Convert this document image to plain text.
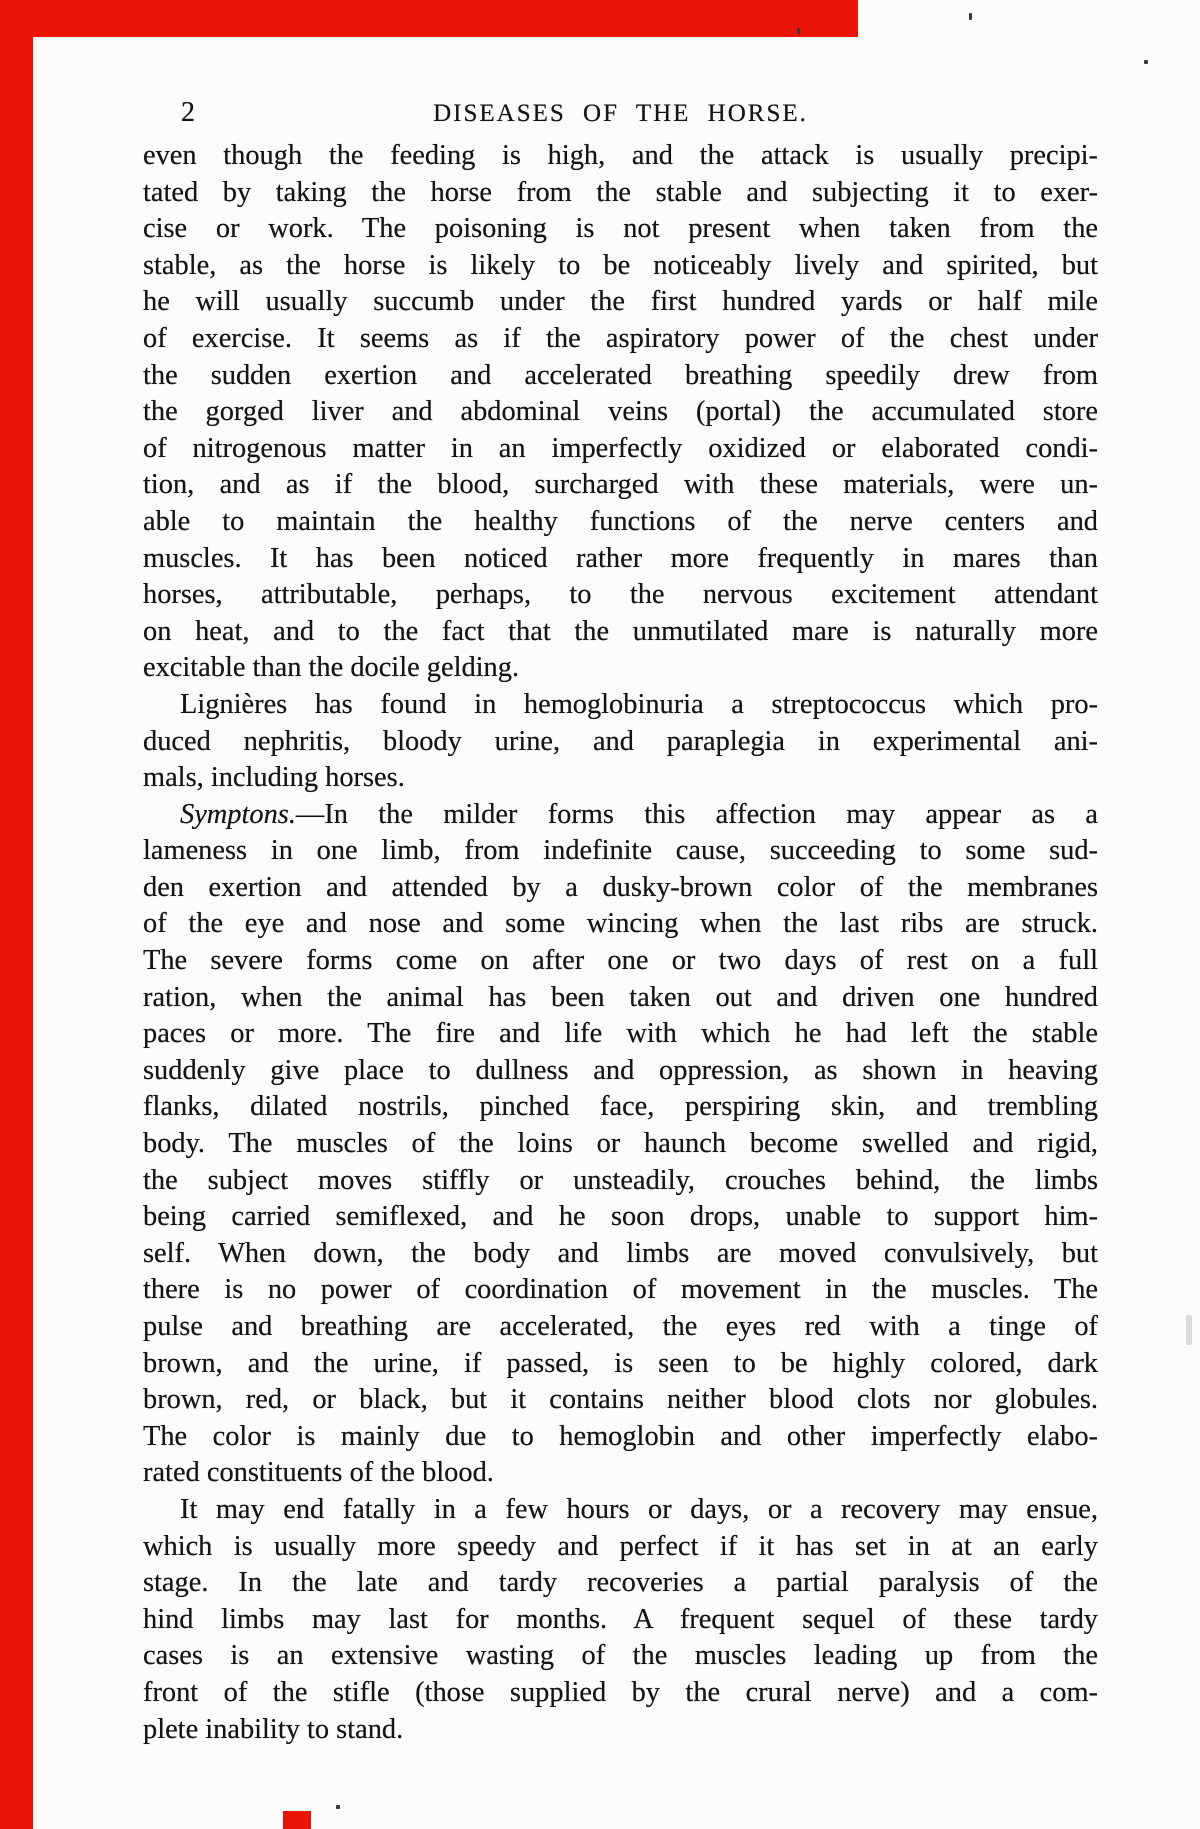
2	DISEASES OF THE HORSE.
even though the feeding is high, and the attack is usually precipi-
tated by taking the horse from the stable and subjecting it to exer-
cise or work. The poisoning is not present when taken from the
stable, as the horse is likely to be noticeably lively and spirited, but
he will usually succumb under the first hundred yards or half mile
of exercise. It seems as if the aspiratory power of the chest under
the sudden exertion and accelerated breathing speedily drew from
the gorged liver and abdominal veins (portal) the accumulated store
of nitrogenous matter in an imperfectly oxidized or elaborated condi-
tion, and as if the blood, surcharged with these materials, were un-
able to maintain the healthy functions of the nerve centers and
muscles. It has been noticed rather more frequently in mares than
horses, attributable, perhaps, to the nervous excitement attendant
on heat, and to the fact that the unmutilated mare is naturally more
excitable than the docile gelding.
Lignières has found in hemoglobinuria a streptococcus which pro-
duced nephritis, bloody urine, and paraplegia in experimental ani-
mals, including horses.
Symptons.—In the milder forms this affection may appear as a
lameness in one limb, from indefinite cause, succeeding to some sud-
den exertion and attended by a dusky-brown color of the membranes
of the eye and nose and some wincing when the last ribs are struck.
The severe forms come on after one or two days of rest on a full
ration, when the animal has been taken out and driven one hundred
paces or more. The fire and life with which he had left the stable
suddenly give place to dullness and oppression, as shown in heaving
flanks, dilated nostrils, pinched face, perspiring skin, and trembling
body. The muscles of the loins or haunch become swelled and rigid,
the subject moves stiffly or unsteadily, crouches behind, the limbs
being carried semiflexed, and he soon drops, unable to support him-
self. When down, the body and limbs are moved convulsively, but
there is no power of coordination of movement in the muscles. The
pulse and breathing are accelerated, the eyes red with a tinge of
brown, and the urine, if passed, is seen to be highly colored, dark
brown, red, or black, but it contains neither blood clots nor globules.
The color is mainly due to hemoglobin and other imperfectly elabo-
rated constituents of the blood.
It may end fatally in a few hours or days, or a recovery may ensue,
which is usually more speedy and perfect if it has set in at an early
stage. In the late and tardy recoveries a partial paralysis of the
hind limbs may last for months. A frequent sequel of these tardy
cases is an extensive wasting of the muscles leading up from the
front of the stifle (those supplied by the crural nerve) and a com-
plete inability to stand.
